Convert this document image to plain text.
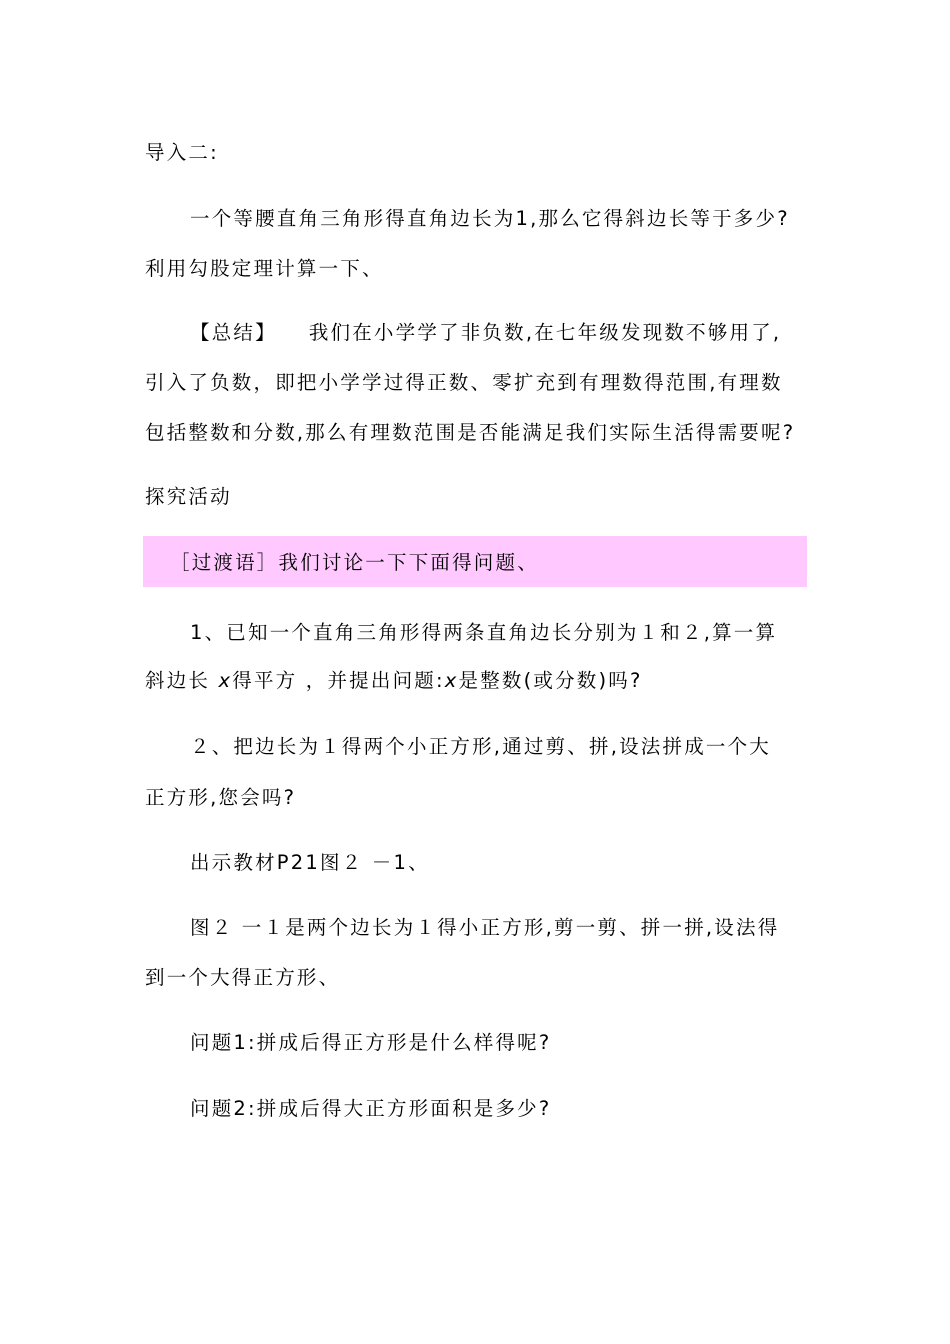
导入二:
一个等腰直角三角形得直角边长为1,那么它得斜边长等于多少?
利用勾股定理计算一下、
【总结】 我们在小学学了非负数,在七年级发现数不够用了,
引入了负数，即把小学学过得正数、零扩充到有理数得范围,有理数
包括整数和分数,那么有理数范围是否能满足我们实际生活得需要呢?
探究活动
［过渡语］我们讨论一下下面得问题、
1、已知一个直角三角形得两条直角边长分别为１和２,算一算
斜边长 x得平方 ，并提出问题:x是整数(或分数)吗?
２、把边长为１得两个小正方形,通过剪、拼,设法拼成一个大
正方形,您会吗?
出示教材P21图２ －1、
图２ 一１是两个边长为１得小正方形,剪一剪、拼一拼,设法得
到一个大得正方形、
问题1:拼成后得正方形是什么样得呢?
问题2:拼成后得大正方形面积是多少?
